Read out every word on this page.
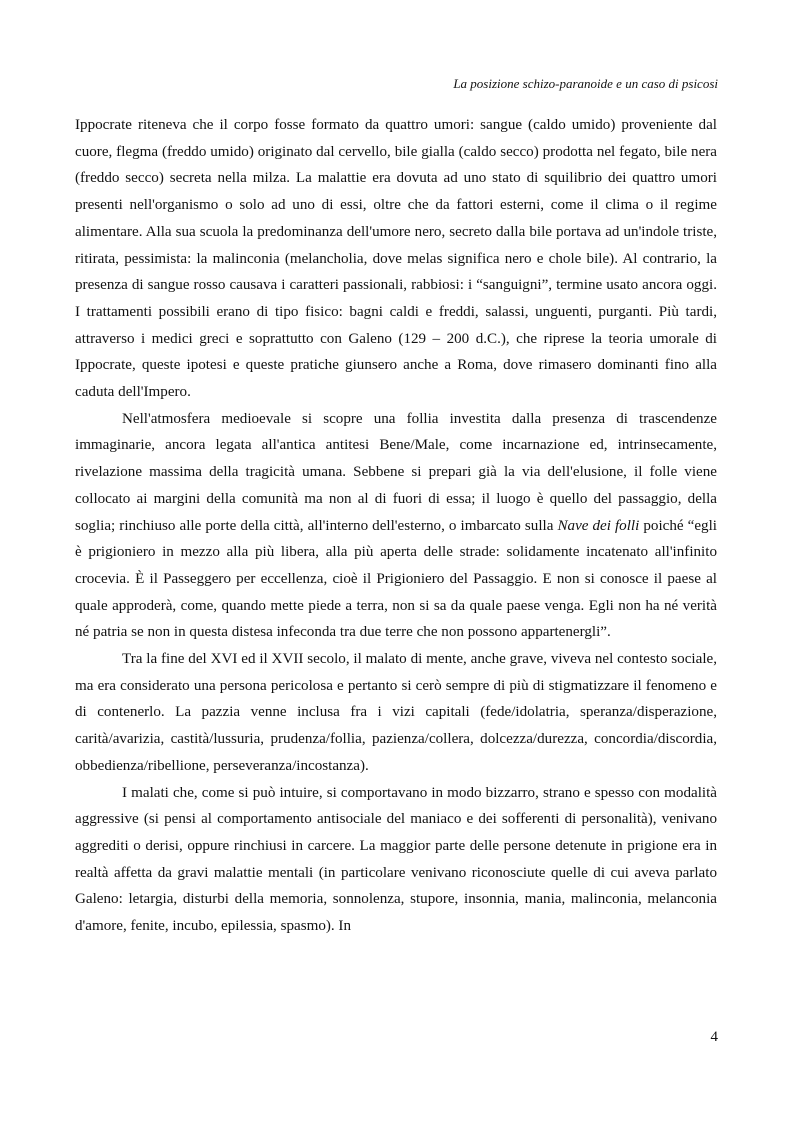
La posizione schizo-paranoide e un caso di psicosi

Ippocrate riteneva che il corpo fosse formato da quattro umori: sangue (caldo umido) proveniente dal cuore, flegma (freddo umido) originato dal cervello, bile gialla (caldo secco) prodotta nel fegato, bile nera (freddo secco) secreta nella milza. La malattie era dovuta ad uno stato di squilibrio dei quattro umori presenti nell'organismo o solo ad uno di essi, oltre che da fattori esterni, come il clima o il regime alimentare. Alla sua scuola la predominanza dell'umore nero, secreto dalla bile portava ad un'indole triste, ritirata, pessimista: la malinconia (melancholia, dove melas significa nero e chole bile). Al contrario, la presenza di sangue rosso causava i caratteri passionali, rabbiosi: i “sanguigni”, termine usato ancora oggi. I trattamenti possibili erano di tipo fisico: bagni caldi e freddi, salassi, unguenti, purganti. Più tardi, attraverso i medici greci e soprattutto con Galeno (129 – 200 d.C.), che riprese la teoria umorale di Ippocrate, queste ipotesi e queste pratiche giunsero anche a Roma, dove rimasero dominanti fino alla caduta dell'Impero.

Nell'atmosfera medioevale si scopre una follia investita dalla presenza di trascendenze immaginarie, ancora legata all'antica antitesi Bene/Male, come incarnazione ed, intrinsecamente, rivelazione massima della tragicità umana. Sebbene si prepari già la via dell'elusione, il folle viene collocato ai margini della comunità ma non al di fuori di essa; il luogo è quello del passaggio, della soglia; rinchiuso alle porte della città, all'interno dell'esterno, o imbarcato sulla Nave dei folli poiché “egli è prigioniero in mezzo alla più libera, alla più aperta delle strade: solidamente incatenato all'infinito crocevia. È il Passeggero per eccellenza, cioè il Prigioniero del Passaggio. E non si conosce il paese al quale approderà, come, quando mette piede a terra, non si sa da quale paese venga. Egli non ha né verità né patria se non in questa distesa infeconda tra due terre che non possono appartenergli”.

Tra la fine del XVI ed il XVII secolo, il malato di mente, anche grave, viveva nel contesto sociale, ma era considerato una persona pericolosa e pertanto si cerò sempre di più di stigmatizzare il fenomeno e di contenerlo. La pazzia venne inclusa fra i vizi capitali (fede/idolatria, speranza/disperazione, carità/avarizia, castità/lussuria, prudenza/follia, pazienza/collera, dolcezza/durezza, concordia/discordia, obbedienza/ribellione, perseveranza/incostanza).

I malati che, come si può intuire, si comportavano in modo bizzarro, strano e spesso con modalità aggressive (si pensi al comportamento antisociale del maniaco e dei sofferenti di personalità), venivano aggrediti o derisi, oppure rinchiusi in carcere. La maggior parte delle persone detenute in prigione era in realtà affetta da gravi malattie mentali (in particolare venivano riconosciute quelle di cui aveva parlato Galeno: letargia, disturbi della memoria, sonnolenza, stupore, insonnia, mania, malinconia, melanconia d'amore, fenite, incubo, epilessia, spasmo). In

4
